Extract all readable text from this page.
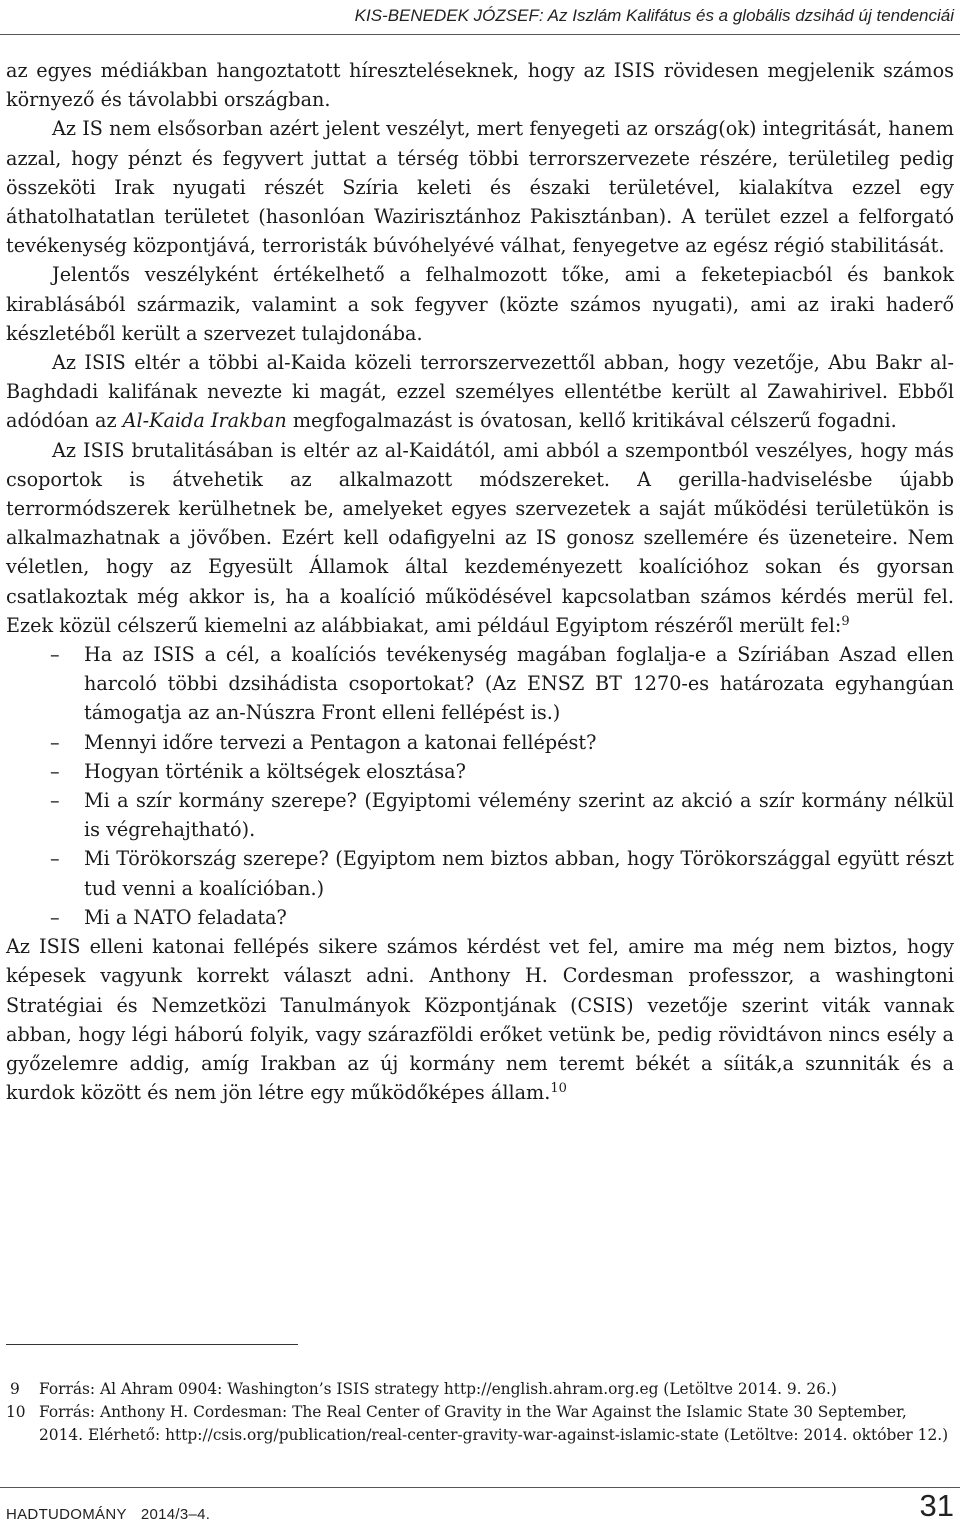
KIS-BENEDEK JÓZSEF: Az Iszlám Kalifátus és a globális dzsihád új tendenciái

az egyes médiákban hangoztatott híreszteléseknek, hogy az ISIS rövidesen megjelenik számos környező és távolabbi országban.

Az IS nem elsősorban azért jelent veszélyt, mert fenyegeti az ország(ok) integritását, hanem azzal, hogy pénzt és fegyvert juttat a térség többi terrorszervezete részére, területileg pedig összeköti Irak nyugati részét Szíria keleti és északi területével, kialakítva ezzel egy áthatolhatatlan területet (hasonlóan Wazirisztánhoz Pakisztánban). A terület ezzel a felforgató tevékenység központjává, terroristák búvóhelyévé válhat, fenyegetve az egész régió stabilitását.

Jelentős veszélyként értékelhető a felhalmozott tőke, ami a feketepiacból és bankok kirablásából származik, valamint a sok fegyver (közte számos nyugati), ami az iraki haderő készletéből került a szervezet tulajdonába.

Az ISIS eltér a többi al-Kaida közeli terrorszervezettől abban, hogy vezetője, Abu Bakr al-Baghdadi kalifának nevezte ki magát, ezzel személyes ellentétbe került al Zawahirivel. Ebből adódóan az Al-Kaida Irakban megfogalmazást is óvatosan, kellő kritikával célszerű fogadni.

Az ISIS brutalitásában is eltér az al-Kaidától, ami abból a szempontból veszélyes, hogy más csoportok is átvehetik az alkalmazott módszereket. A gerilla-hadviselésbe újabb terrormódszerek kerülhetnek be, amelyeket egyes szervezetek a saját működési területükön is alkalmazhatnak a jövőben. Ezért kell odafigyelni az IS gonosz szellemére és üzeneteire. Nem véletlen, hogy az Egyesült Államok által kezdeményezett koalícióhoz sokan és gyorsan csatlakoztak még akkor is, ha a koalíció működésével kapcsolatban számos kérdés merül fel. Ezek közül célszerű kiemelni az alábbiakat, ami például Egyiptom részéről merült fel:$^9$

– Ha az ISIS a cél, a koalíciós tevékenység magában foglalja-e a Szíriában Aszad ellen harcoló többi dzsihádista csoportokat? (Az ENSZ BT 1270-es határozata egyhangúan támogatja az an-Núszra Front elleni fellépést is.)
– Mennyi időre tervezi a Pentagon a katonai fellépést?
– Hogyan történik a költségek elosztása?
– Mi a szír kormány szerepe? (Egyiptomi vélemény szerint az akció a szír kormány nélkül is végrehajtható).
– Mi Törökország szerepe? (Egyiptom nem biztos abban, hogy Törökországgal együtt részt tud venni a koalícióban.)
– Mi a NATO feladata?

Az ISIS elleni katonai fellépés sikere számos kérdést vet fel, amire ma még nem biztos, hogy képesek vagyunk korrekt választ adni. Anthony H. Cordesman professzor, a washingtoni Stratégiai és Nemzetközi Tanulmányok Központjának (CSIS) vezetője szerint viták vannak abban, hogy légi háború folyik, vagy szárazföldi erőket vetünk be, pedig rövidtávon nincs esély a győzelemre addig, amíg Irakban az új kormány nem teremt békét a síiták,a szunniták és a kurdok között és nem jön létre egy működőképes állam.$^{10}$

9 Forrás: Al Ahram 0904: Washington’s ISIS strategy http://english.ahram.org.eg (Letöltve 2014. 9. 26.)
10 Forrás: Anthony H. Cordesman: The Real Center of Gravity in the War Against the Islamic State 30 September, 2014. Elérhető: http://csis.org/publication/real-center-gravity-war-against-islamic-state (Letöltve: 2014. október 12.)
HADTUDOMÁNY 2014/3–4.	31
